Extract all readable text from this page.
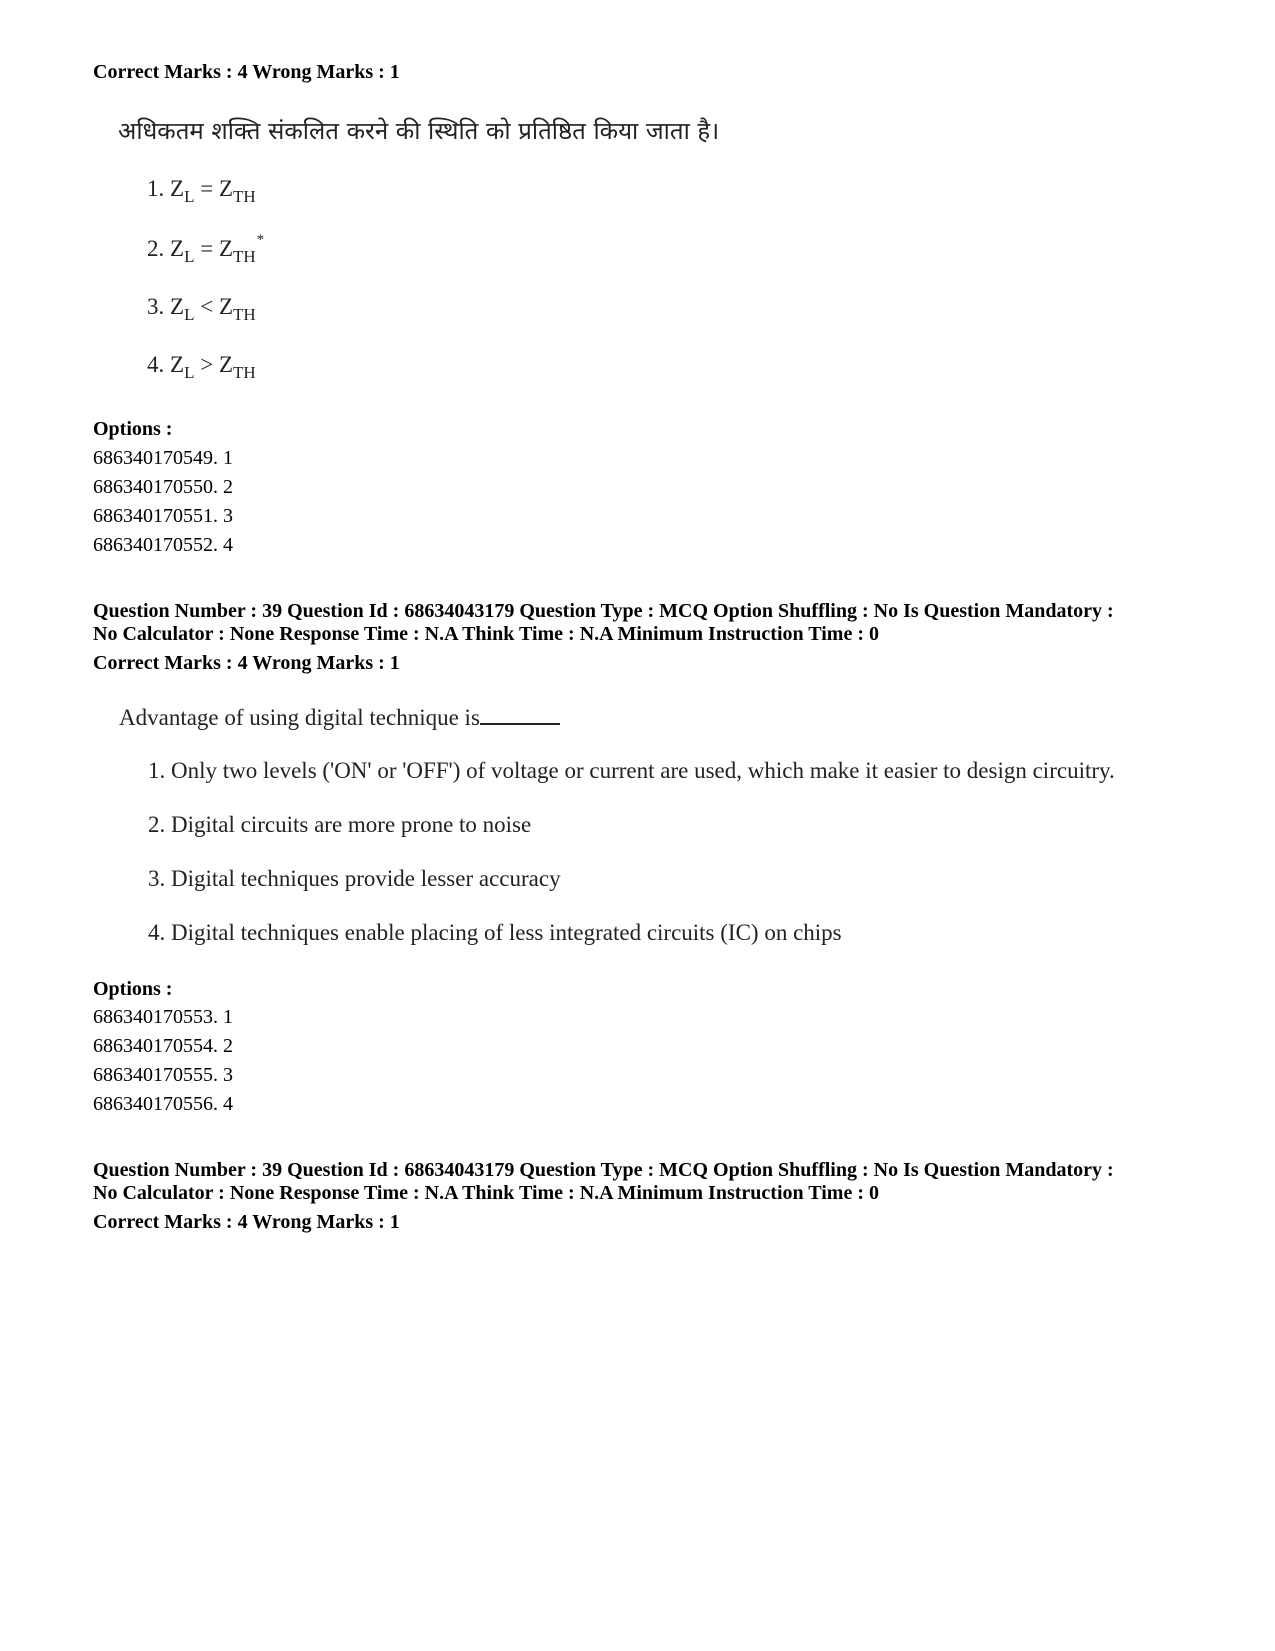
Correct Marks : 4 Wrong Marks : 1
अधिकतम शक्ति संकलित करने की स्थिति को प्रतिष्ठित किया जाता है।
1. $Z_L = Z_{TH}$
2. $Z_L = Z_{TH}^*$
3. $Z_L < Z_{TH}$
4. $Z_L > Z_{TH}$
Options :
686340170549. 1
686340170550. 2
686340170551. 3
686340170552. 4
Question Number : 39 Question Id : 68634043179 Question Type : MCQ Option Shuffling : No Is Question Mandatory :
No Calculator : None Response Time : N.A Think Time : N.A Minimum Instruction Time : 0
Correct Marks : 4 Wrong Marks : 1
Advantage of using digital technique is
1. Only two levels ('ON' or 'OFF') of voltage or current are used, which make it easier to design circuitry.
2. Digital circuits are more prone to noise
3. Digital techniques provide lesser accuracy
4. Digital techniques enable placing of less integrated circuits (IC) on chips
Options :
686340170553. 1
686340170554. 2
686340170555. 3
686340170556. 4
Question Number : 39 Question Id : 68634043179 Question Type : MCQ Option Shuffling : No Is Question Mandatory :
No Calculator : None Response Time : N.A Think Time : N.A Minimum Instruction Time : 0
Correct Marks : 4 Wrong Marks : 1
